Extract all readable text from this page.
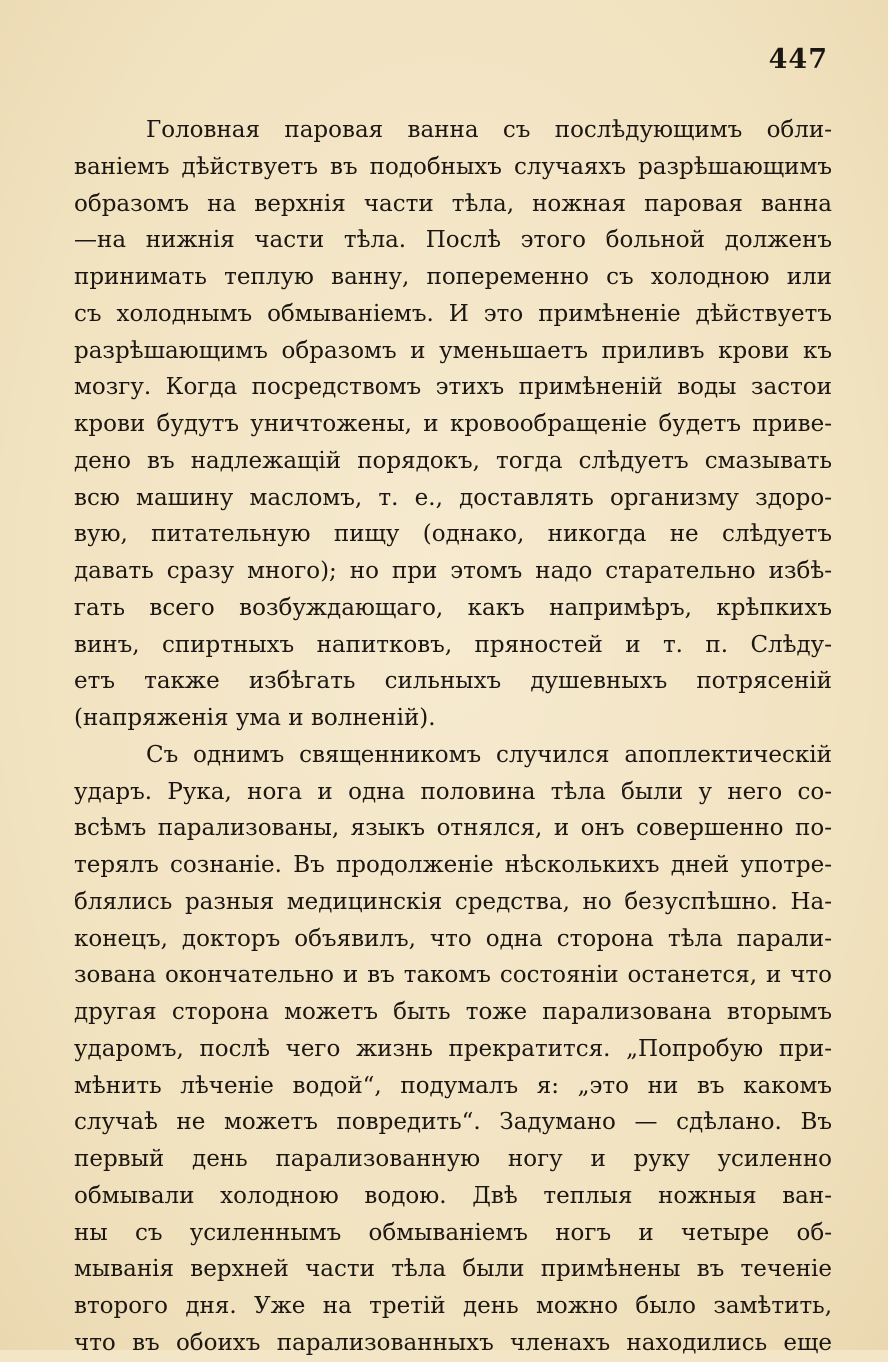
447

Головная паровая ванна съ послѣдующимъ обли-
ваніемъ дѣйствуетъ въ подобныхъ случаяхъ разрѣшающимъ
образомъ на верхнія части тѣла, ножная паровая ванна
—на нижнія части тѣла. Послѣ этого больной долженъ
принимать теплую ванну, попеременно съ холодною или
съ холоднымъ обмываніемъ. И это примѣненіе дѣйствуетъ
разрѣшающимъ образомъ и уменьшаетъ приливъ крови къ
мозгу. Когда посредствомъ этихъ примѣненій воды застои
крови будутъ уничтожены, и кровообращеніе будетъ приве-
дено въ надлежащій порядокъ, тогда слѣдуетъ смазывать
всю машину масломъ, т. е., доставлять организму здоро-
вую, питательную пищу (однако, никогда не слѣдуетъ
давать сразу много); но при этомъ надо старательно избѣ-
гать всего возбуждающаго, какъ напримѣръ, крѣпкихъ
винъ, спиртныхъ напитковъ, пряностей и т. п. Слѣду-
етъ также избѣгать сильныхъ душевныхъ потрясеній
(напряженія ума и волненій).
Съ однимъ священникомъ случился апоплектическій
ударъ. Рука, нога и одна половина тѣла были у него со-
всѣмъ парализованы, языкъ отнялся, и онъ совершенно по-
терялъ сознаніе. Въ продолженіе нѣсколькихъ дней употре-
блялись разныя медицинскія средства, но безуспѣшно. На-
конецъ, докторъ объявилъ, что одна сторона тѣла парали-
зована окончательно и въ такомъ состояніи останется, и что
другая сторона можетъ быть тоже парализована вторымъ
ударомъ, послѣ чего жизнь прекратится. „Попробую при-
мѣнить лѣченіе водой“, подумалъ я: „это ни въ какомъ
случаѣ не можетъ повредить“. Задумано — сдѣлано. Въ
первый день парализованную ногу и руку усиленно
обмывали холодною водою. Двѣ теплыя ножныя ван-
ны съ усиленнымъ обмываніемъ ногъ и четыре об-
мыванія верхней части тѣла были примѣнены въ теченіе
второго дня. Уже на третій день можно было замѣтить,
что въ обоихъ парализованныхъ членахъ находились еще
